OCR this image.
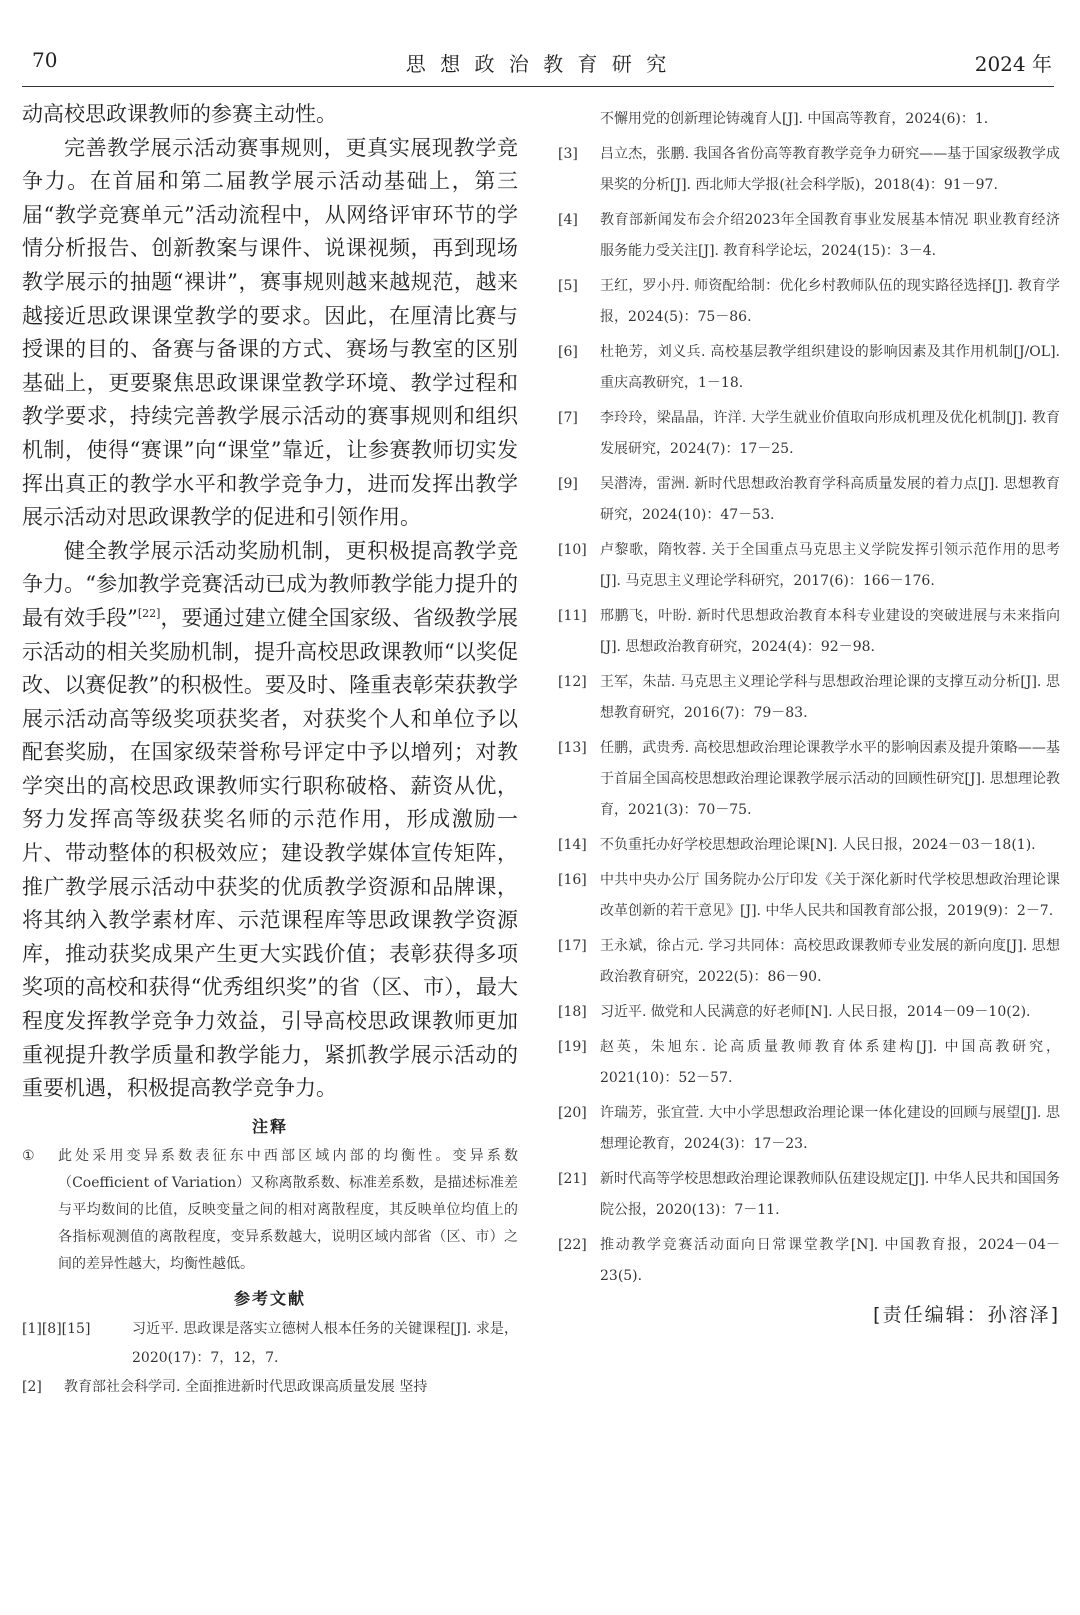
70	思 想 政 治 教 育 研 究	2024 年

动高校思政课教师的参赛主动性。

完善教学展示活动赛事规则，更真实展现教学竞争力。在首届和第二届教学展示活动基础上，第三届“教学竞赛单元”活动流程中，从网络评审环节的学情分析报告、创新教案与课件、说课视频，再到现场教学展示的抽题“裸讲”，赛事规则越来越规范，越来越接近思政课课堂教学的要求。因此，在厘清比赛与授课的目的、备赛与备课的方式、赛场与教室的区别基础上，更要聚焦思政课课堂教学环境、教学过程和教学要求，持续完善教学展示活动的赛事规则和组织机制，使得“赛课”向“课堂”靠近，让参赛教师切实发挥出真正的教学水平和教学竞争力，进而发挥出教学展示活动对思政课教学的促进和引领作用。

健全教学展示活动奖励机制，更积极提高教学竞争力。“参加教学竞赛活动已成为教师教学能力提升的最有效手段”[22]，要通过建立健全国家级、省级教学展示活动的相关奖励机制，提升高校思政课教师“以奖促改、以赛促教”的积极性。要及时、隆重表彰荣获教学展示活动高等级奖项获奖者，对获奖个人和单位予以配套奖励，在国家级荣誉称号评定中予以增列；对教学突出的高校思政课教师实行职称破格、薪资从优，努力发挥高等级获奖名师的示范作用，形成激励一片、带动整体的积极效应；建设教学媒体宣传矩阵，推广教学展示活动中获奖的优质教学资源和品牌课，将其纳入教学素材库、示范课程库等思政课教学资源库，推动获奖成果产生更大实践价值；表彰获得多项奖项的高校和获得“优秀组织奖”的省（区、市），最大程度发挥教学竞争力效益，引导高校思政课教师更加重视提升教学质量和教学能力，紧抓教学展示活动的重要机遇，积极提高教学竞争力。

注释
①	此处采用变异系数表征东中西部区域内部的均衡性。变异系数（Coefficient of Variation）又称离散系数、标准差系数，是描述标准差与平均数间的比值，反映变量之间的相对离散程度，其反映单位均值上的各指标观测值的离散程度，变异系数越大，说明区域内部省（区、市）之间的差异性越大，均衡性越低。
参考文献
[1][8][15]	习近平. 思政课是落实立德树人根本任务的关键课程[J]. 求是，2020(17)：7，12，7.
[2]	教育部社会科学司. 全面推进新时代思政课高质量发展 坚持
不懈用党的创新理论铸魂育人[J]. 中国高等教育，2024(6)：1.
[3]	吕立杰，张鹏. 我国各省份高等教育教学竞争力研究——基于国家级教学成果奖的分析[J]. 西北师大学报(社会科学版)，2018(4)：91－97.
[4]	教育部新闻发布会介绍2023年全国教育事业发展基本情况 职业教育经济服务能力受关注[J]. 教育科学论坛，2024(15)：3－4.
[5]	王红，罗小丹. 师资配给制：优化乡村教师队伍的现实路径选择[J]. 教育学报，2024(5)：75－86.
[6]	杜艳芳，刘义兵. 高校基层教学组织建设的影响因素及其作用机制[J/OL]. 重庆高教研究，1－18.
[7]	李玲玲，梁晶晶，许洋. 大学生就业价值取向形成机理及优化机制[J]. 教育发展研究，2024(7)：17－25.
[9]	吴潜涛，雷洲. 新时代思想政治教育学科高质量发展的着力点[J]. 思想教育研究，2024(10)：47－53.
[10] 卢黎歌，隋牧蓉. 关于全国重点马克思主义学院发挥引领示范作用的思考[J]. 马克思主义理论学科研究，2017(6)：166－176.
[11] 邢鹏飞，叶盼. 新时代思想政治教育本科专业建设的突破进展与未来指向[J]. 思想政治教育研究，2024(4)：92－98.
[12] 王军，朱喆. 马克思主义理论学科与思想政治理论课的支撑互动分析[J]. 思想教育研究，2016(7)：79－83.
[13] 任鹏，武贵秀. 高校思想政治理论课教学水平的影响因素及提升策略——基于首届全国高校思想政治理论课教学展示活动的回顾性研究[J]. 思想理论教育，2021(3)：70－75.
[14] 不负重托办好学校思想政治理论课[N]. 人民日报，2024－03－18(1).
[16] 中共中央办公厅 国务院办公厅印发《关于深化新时代学校思想政治理论课改革创新的若干意见》[J]. 中华人民共和国教育部公报，2019(9)：2－7.
[17] 王永斌，徐占元. 学习共同体：高校思政课教师专业发展的新向度[J]. 思想政治教育研究，2022(5)：86－90.
[18] 习近平. 做党和人民满意的好老师[N]. 人民日报，2014－09－10(2).
[19] 赵英，朱旭东. 论高质量教师教育体系建构[J]. 中国高教研究，2021(10)：52－57.
[20] 许瑞芳，张宜萱. 大中小学思想政治理论课一体化建设的回顾与展望[J]. 思想理论教育，2024(3)：17－23.
[21] 新时代高等学校思想政治理论课教师队伍建设规定[J]. 中华人民共和国国务院公报，2020(13)：7－11.
[22] 推动教学竞赛活动面向日常课堂教学[N]. 中国教育报，2024－04－23(5).
[责任编辑：孙溶泽]
